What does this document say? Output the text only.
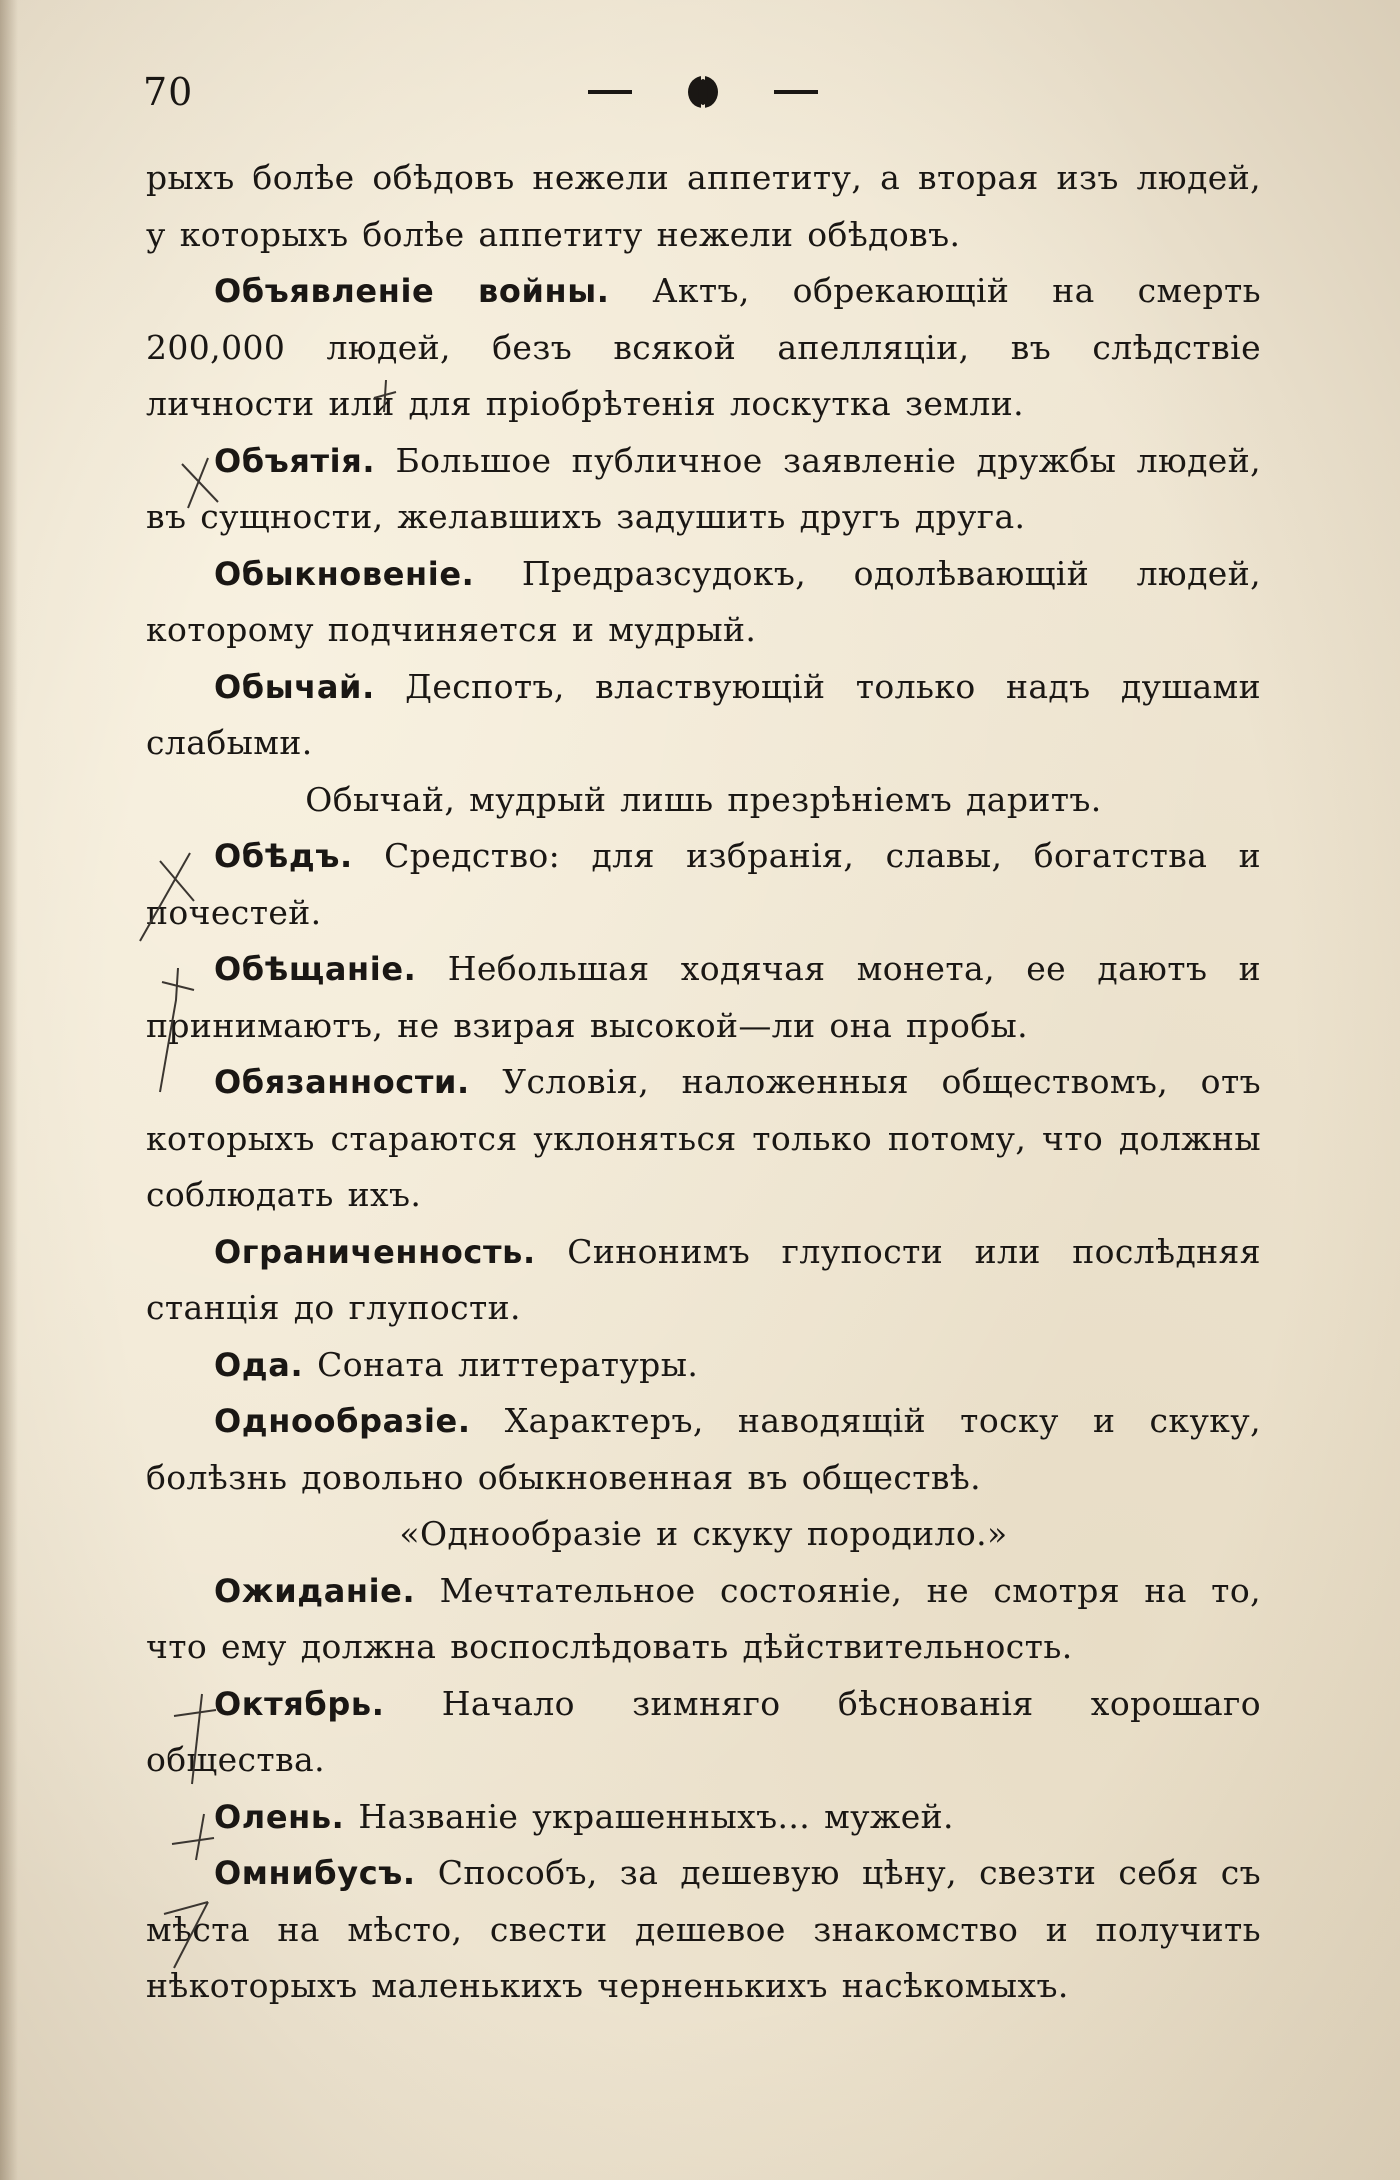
70

рыхъ болѣе обѣдовъ нежели аппетиту, а вторая изъ людей, у которыхъ болѣе аппетиту нежели обѣдовъ.

Объявленіе войны. Актъ, обрекающій на смерть 200,000 людей, безъ всякой апелляціи, въ слѣдствіе личности или для пріобрѣтенія лоскутка земли.

Объятія. Большое публичное заявленіе дружбы людей, въ сущности, желавшихъ задушить другъ друга.

Обыкновеніе. Предразсудокъ, одолѣвающій людей, которому подчиняется и мудрый.

Обычай. Деспотъ, властвующій только надъ душами слабыми.

Обычай, мудрый лишь презрѣніемъ даритъ.

Обѣдъ. Средство: для избранія, славы, богатства и почестей.

Обѣщаніе. Небольшая ходячая монета, ее даютъ и принимаютъ, не взирая высокой—ли она пробы.

Обязанности. Условія, наложенныя обществомъ, отъ которыхъ стараются уклоняться только потому, что должны соблюдать ихъ.

Ограниченность. Синонимъ глупости или послѣдняя станція до глупости.

Ода. Соната литтературы.

Однообразіе. Характеръ, наводящій тоску и скуку, болѣзнь довольно обыкновенная въ обществѣ.

«Однообразіе и скуку породило.»

Ожиданіе. Мечтательное состояніе, не смотря на то, что ему должна воспослѣдовать дѣйствительность.

Октябрь. Начало зимняго бѣснованія хорошаго общества.

Олень. Названіе украшенныхъ... мужей.

Омнибусъ. Способъ, за дешевую цѣну, свезти себя съ мѣста на мѣсто, свести дешевое знакомство и получить нѣкоторыхъ маленькихъ черненькихъ насѣкомыхъ.
